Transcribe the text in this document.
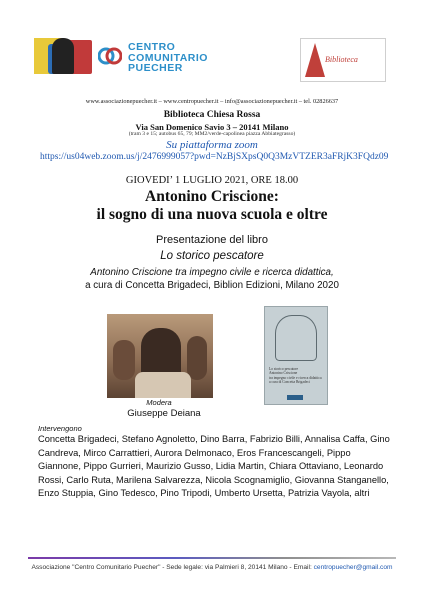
CENTRO
COMUNITARIO
PUECHER
Biblioteca
www.associazionepuecher.it – www.centropuecher.it – info@associazionepuecher.it – tel. 02826637
Biblioteca Chiesa Rossa
Via San Domenico Savio 3 – 20141 Milano
(tram 3 e 15; autobus 65, 79; MM2/verde-capolinea piazza Abbiategrasso)
Su piattaforma zoom
https://us04web.zoom.us/j/2476999057?pwd=NzBjSXpsQ0Q3MzVTZER3aFRjK3FQdz09
GIOVEDI’ 1 LUGLIO 2021, ORE 18.00
Antonino Criscione:
il sogno di una nuova scuola e oltre
Presentazione del libro
Lo storico pescatore
Antonino Criscione tra impegno civile e ricerca didattica,
a cura di Concetta Brigadeci, Biblion Edizioni, Milano 2020
Lo storico pescatore
Antonino Criscione
tra impegno civile e ricerca didattica
a cura di Concetta Brigadeci
Modera
Giuseppe Deiana
Intervengono
Concetta Brigadeci, Stefano Agnoletto, Dino Barra, Fabrizio Billi, Annalisa Caffa, Gino Candreva, Mirco Carrattieri, Aurora Delmonaco, Eros Francescangeli, Pippo Giannone, Pippo Gurrieri, Maurizio Gusso, Lidia Martin, Chiara Ottaviano, Leonardo Rossi, Carlo Ruta, Marilena Salvarezza, Nicola Scognamiglio, Giovanna Stanganello, Enzo Stuppia, Gino Tedesco, Pino Tripodi, Umberto Ursetta, Patrizia Vayola, altri
Associazione "Centro Comunitario Puecher" - Sede legale: via Palmieri 8, 20141 Milano - Email: centropuecher@gmail.com
